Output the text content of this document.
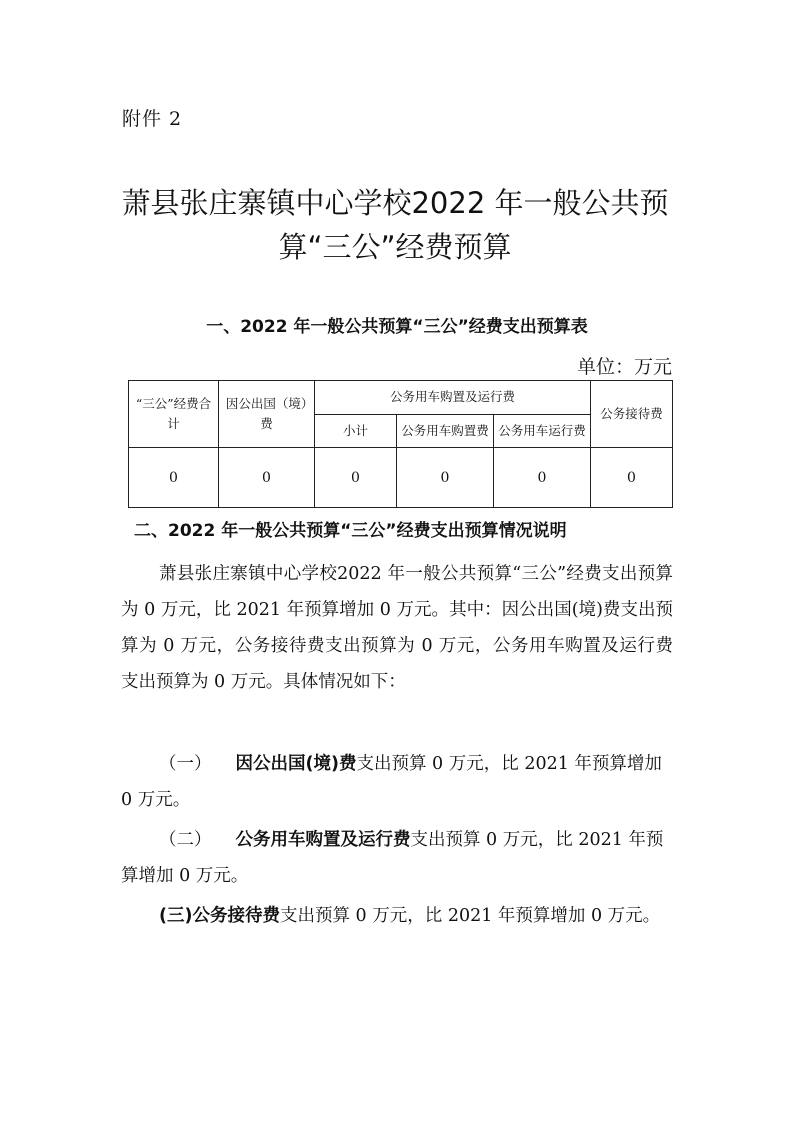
附件 2
萧县张庄寨镇中心学校2022 年一般公共预
算“三公”经费预算
一、2022 年一般公共预算“三公”经费支出预算表
单位：万元
“三公”经费合计	因公出国（境）费	公务用车购置及运行费			公务接待费
		小计	公务用车购置费	公务用车运行费	
0	0	0	0	0	0
二、2022 年一般公共预算“三公”经费支出预算情况说明

萧县张庄寨镇中心学校2022 年一般公共预算“三公”经费支出预算为 0 万元，比 2021 年预算增加 0 万元。其中：因公出国(境)费支出预算为 0 万元，公务接待费支出预算为 0 万元，公务用车购置及运行费支出预算为 0 万元。具体情况如下：

（一） 因公出国(境)费支出预算 0 万元，比 2021 年预算增加 0 万元。

（二） 公务用车购置及运行费支出预算 0 万元，比 2021 年预算增加 0 万元。

(三)公务接待费支出预算 0 万元，比 2021 年预算增加 0 万元。
